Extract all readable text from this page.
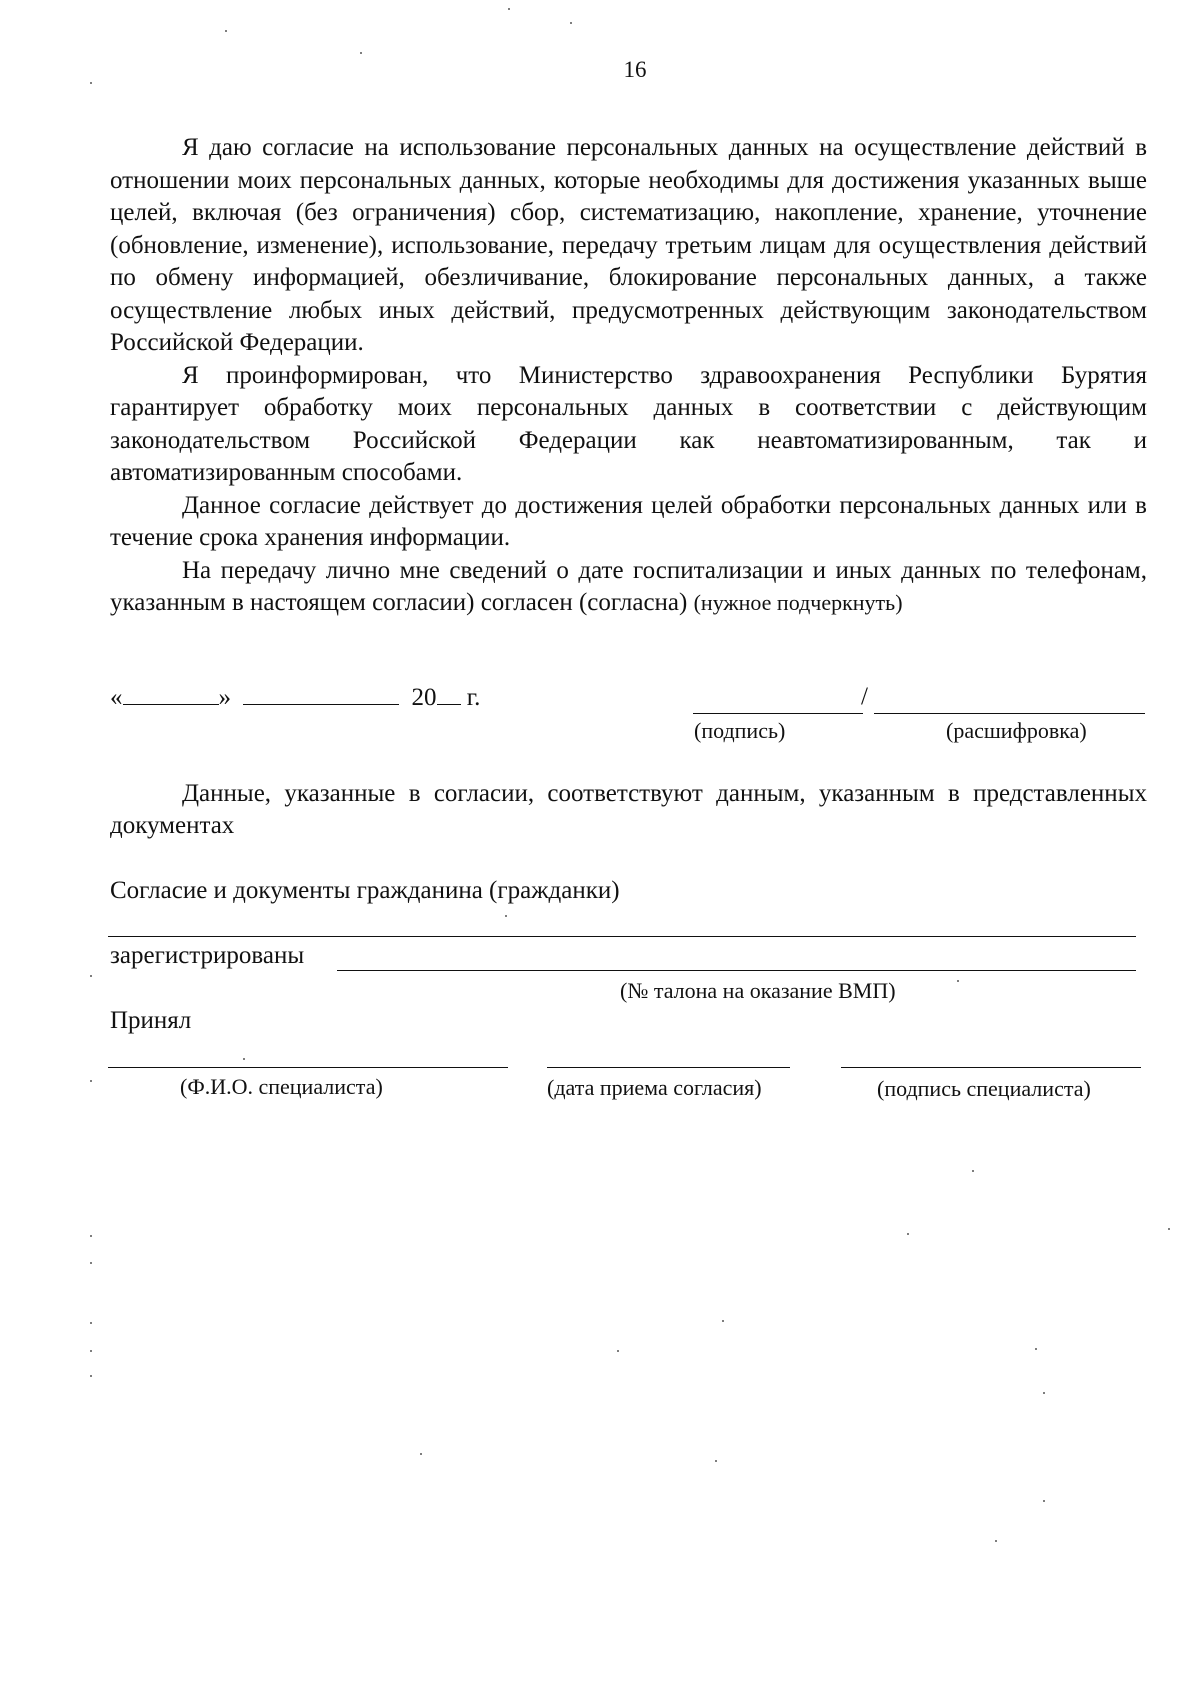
16

Я даю согласие на использование персональных данных на осуществление действий в отношении моих персональных данных, которые необходимы для достижения указанных выше целей, включая (без ограничения) сбор, систематизацию, накопление, хранение, уточнение (обновление, изменение), использование, передачу третьим лицам для осуществления действий по обмену информацией, обезличивание, блокирование персональных данных, а также осуществление любых иных действий, предусмотренных действующим законодательством Российской Федерации.

Я проинформирован, что Министерство здравоохранения Республики Бурятия гарантирует обработку моих персональных данных в соответствии с действующим законодательством Российской Федерации как неавтоматизированным, так и автоматизированным способами.

Данное согласие действует до достижения целей обработки персональных данных или в течение срока хранения информации.

На передачу лично мне сведений о дате госпитализации и иных данных по телефонам, указанным в настоящем согласии) согласен (согласна) (нужное подчеркнуть)

«	»	20 г.	/
(подпись)	(расшифровка)

Данные, указанные в согласии, соответствуют данным, указанным в представленных документах

Согласие и документы гражданина (гражданки)
зарегистрированы
(№ талона на оказание ВМП)
Принял
(Ф.И.О. специалиста)	(дата приема согласия)	(подпись специалиста)
